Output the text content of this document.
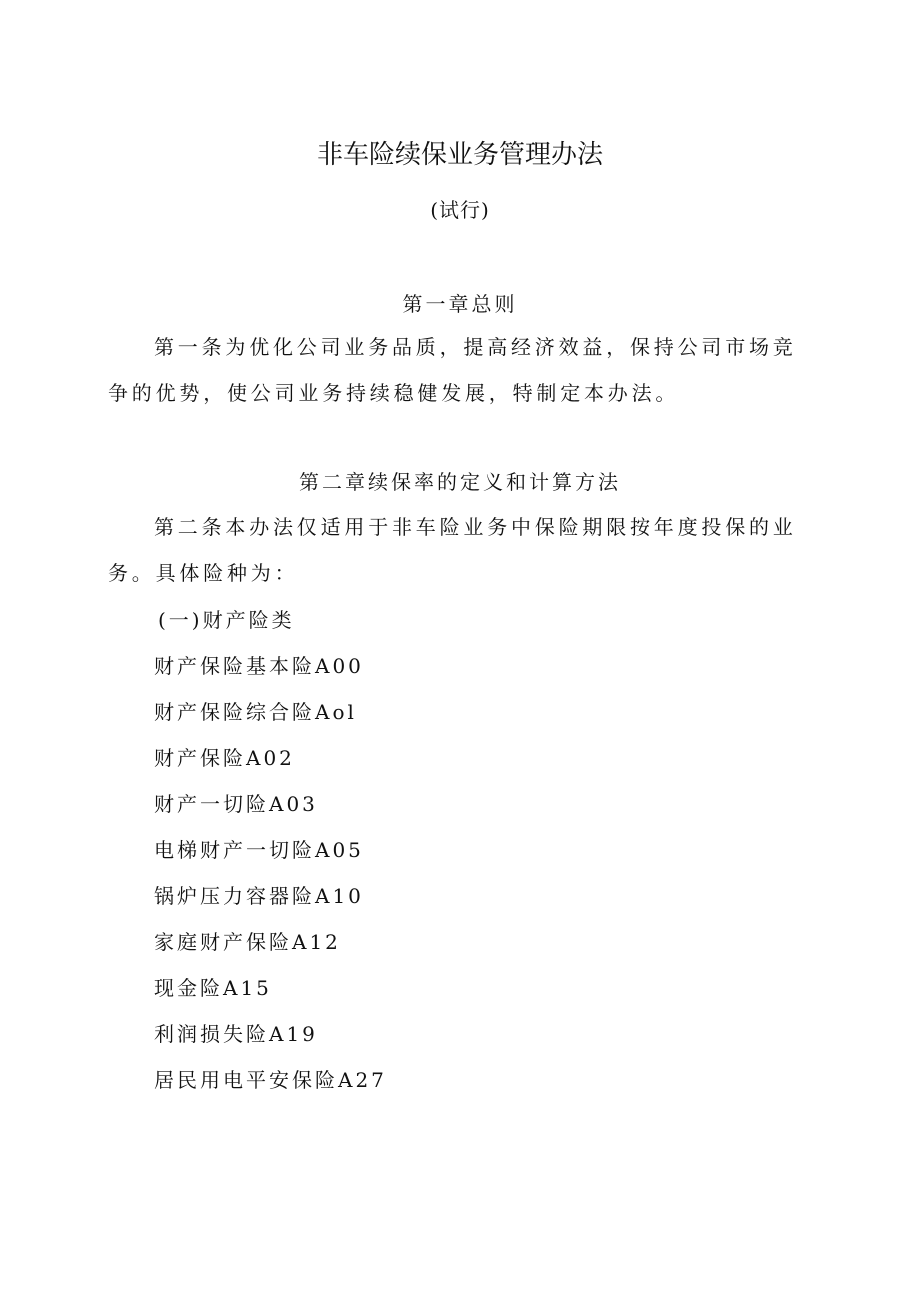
非车险续保业务管理办法
(试行)
第一章总则
第一条为优化公司业务品质，提高经济效益，保持公司市场竞争的优势，使公司业务持续稳健发展，特制定本办法。
第二章续保率的定义和计算方法
第二条本办法仅适用于非车险业务中保险期限按年度投保的业务。具体险种为：
(一)财产险类
财产保险基本险A00
财产保险综合险Aol
财产保险A02
财产一切险A03
电梯财产一切险A05
锅炉压力容器险A10
家庭财产保险A12
现金险A15
利润损失险A19
居民用电平安保险A27
